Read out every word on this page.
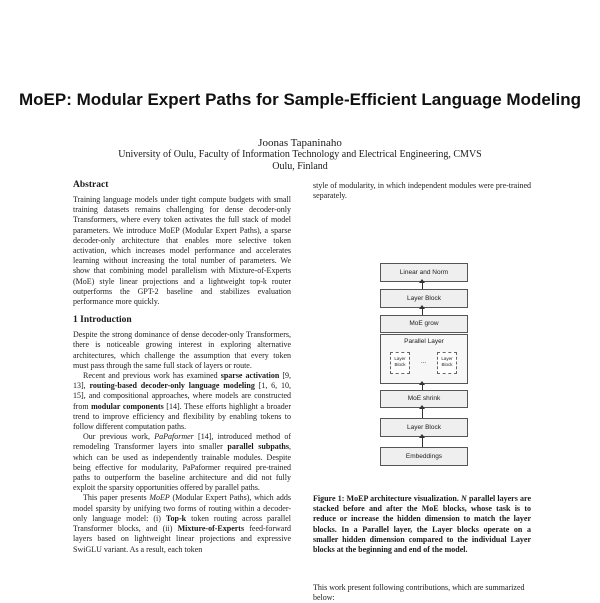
MoEP: Modular Expert Paths for Sample-Efficient Language Modeling
Joonas Tapaninaho
University of Oulu, Faculty of Information Technology and Electrical Engineering, CMVS
Oulu, Finland
Abstract

Training language models under tight compute budgets with small training datasets remains challenging for dense decoder-only Transformers, where every token activates the full stack of model parameters. We introduce MoEP (Modular Expert Paths), a sparse decoder-only architecture that enables more selective token activation, which increases model performance and accelerates learning without increasing the total number of parameters. We show that combining model parallelism with Mixture-of-Experts (MoE) style linear projections and a lightweight top-k router outperforms the GPT-2 baseline and stabilizes evaluation performance more quickly.

1 Introduction

Despite the strong dominance of dense decoder-only Transformers, there is noticeable growing interest in exploring alternative architectures, which challenge the assumption that every token must pass through the same full stack of layers or route.

Recent and previous work has examined sparse activation [9, 13], routing-based decoder-only language modeling [1, 6, 10, 15], and compositional approaches, where models are constructed from modular components [14]. These efforts highlight a broader trend to improve efficiency and flexibility by enabling tokens to follow different computation paths.

Our previous work, PaPaformer [14], introduced method of remodeling Transformer layers into smaller parallel subpaths, which can be used as independently trainable modules. Despite being effective for modularity, PaPaformer required pre-trained paths to outperform the baseline architecture and did not fully exploit the sparsity opportunities offered by parallel paths.

This paper presents MoEP (Modular Expert Paths), which adds model sparsity by unifying two forms of routing within a decoder-only language model: (i) Top-k token routing across parallel Transformer blocks, and (ii) Mixture-of-Experts feed-forward layers based on lightweight linear projections and expressive SwiGLU variant. As a result, each token

style of modularity, in which independent modules were pre-trained separately.

Linear and Norm
Layer Block
MoE grow
Parallel Layer
Layer Block	...
Layer Block
MoE shrink
Layer Block
Embeddings
Figure 1: MoEP architecture visualization. N parallel layers are stacked before and after the MoE blocks, whose task is to reduce or increase the hidden dimension to match the layer blocks. In a Parallel layer, the Layer blocks operate on a smaller hidden dimension compared to the individual Layer blocks at the beginning and end of the model.
This work present following contributions, which are summarized below:
